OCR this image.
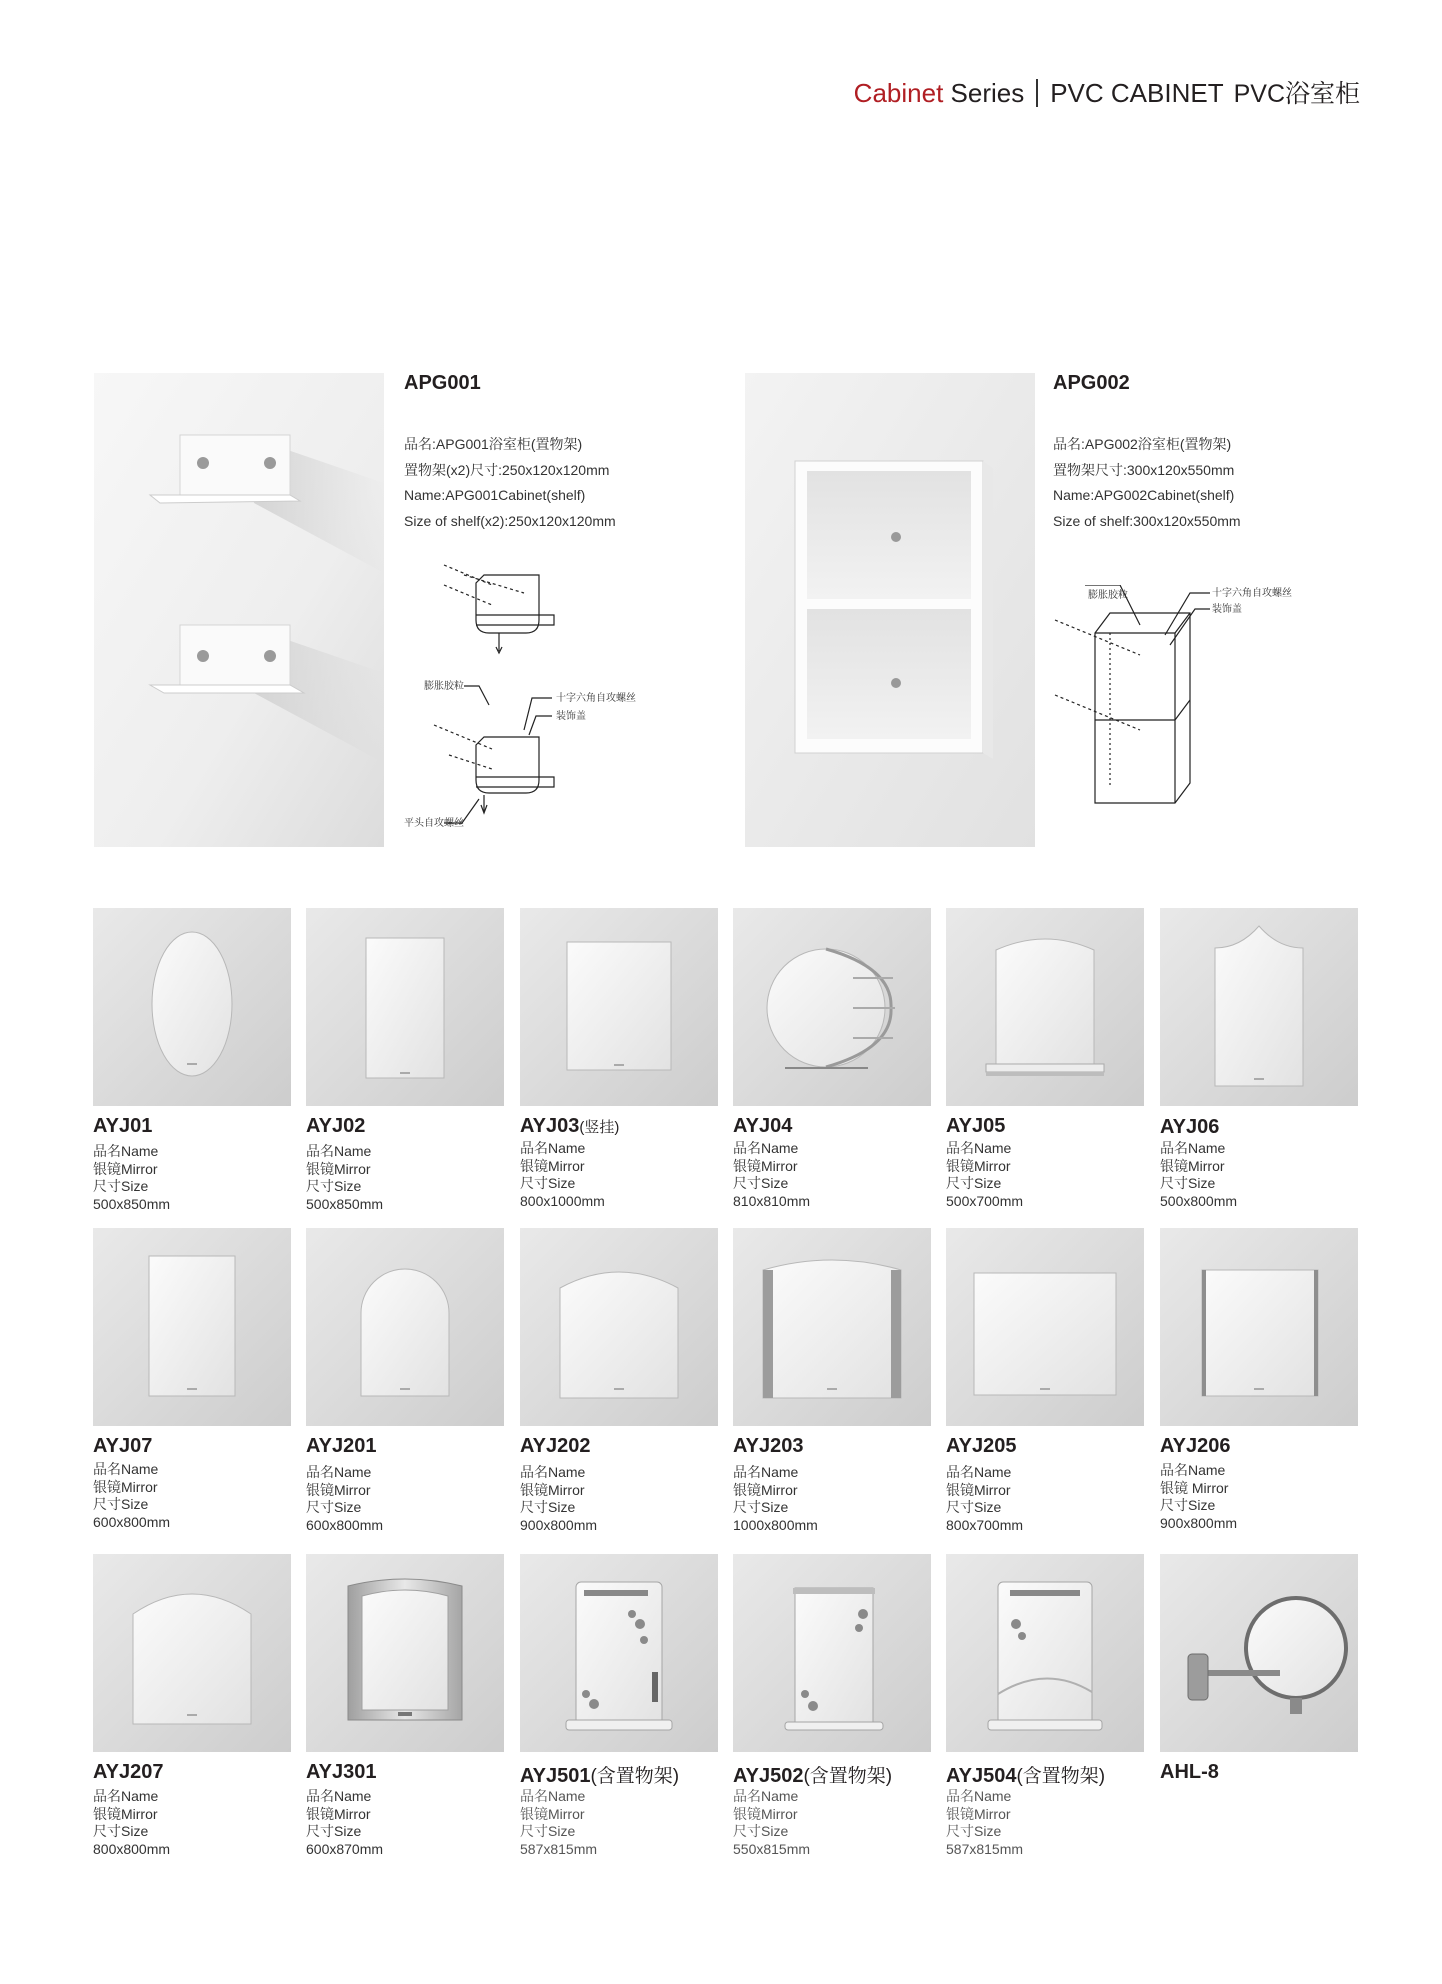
Cabinet Series PVC CABINET PVC浴室柜
APG001
品名:APG001浴室柜(置物架)
置物架(x2)尺寸:250x120x120mm
Name:APG001Cabinet(shelf)
Size of shelf(x2):250x120x120mm
膨胀胶粒
十字六角自攻螺丝
装饰盖
平头自攻螺丝
APG002
品名:APG002浴室柜(置物架)
置物架尺寸:300x120x550mm
Name:APG002Cabinet(shelf)
Size of shelf:300x120x550mm
膨胀胶粒	十字六角自攻螺丝
装饰盖
AYJ01
品名Name
银镜Mirror
尺寸Size
500x850mm
AYJ02
品名Name
银镜Mirror
尺寸Size
500x850mm
AYJ03(竖挂)
品名Name
银镜Mirror
尺寸Size
800x1000mm
AYJ04
品名Name
银镜Mirror
尺寸Size
810x810mm
AYJ05
品名Name
银镜Mirror
尺寸Size
500x700mm
AYJ06
品名Name
银镜Mirror
尺寸Size
500x800mm
AYJ07
品名Name
银镜Mirror
尺寸Size
600x800mm
AYJ201
品名Name
银镜Mirror
尺寸Size
600x800mm
AYJ202
品名Name
银镜Mirror
尺寸Size
900x800mm
AYJ203
品名Name
银镜Mirror
尺寸Size
1000x800mm
AYJ205
品名Name
银镜Mirror
尺寸Size
800x700mm
AYJ206
品名Name
银镜 Mirror
尺寸Size
900x800mm
AYJ207
品名Name
银镜Mirror
尺寸Size
800x800mm
AYJ301
品名Name
银镜Mirror
尺寸Size
600x870mm
AYJ501(含置物架)
品名Name
银镜Mirror
尺寸Size
587x815mm
AYJ502(含置物架)
品名Name
银镜Mirror
尺寸Size
550x815mm
AYJ504(含置物架)
品名Name
银镜Mirror
尺寸Size
587x815mm
AHL-8
